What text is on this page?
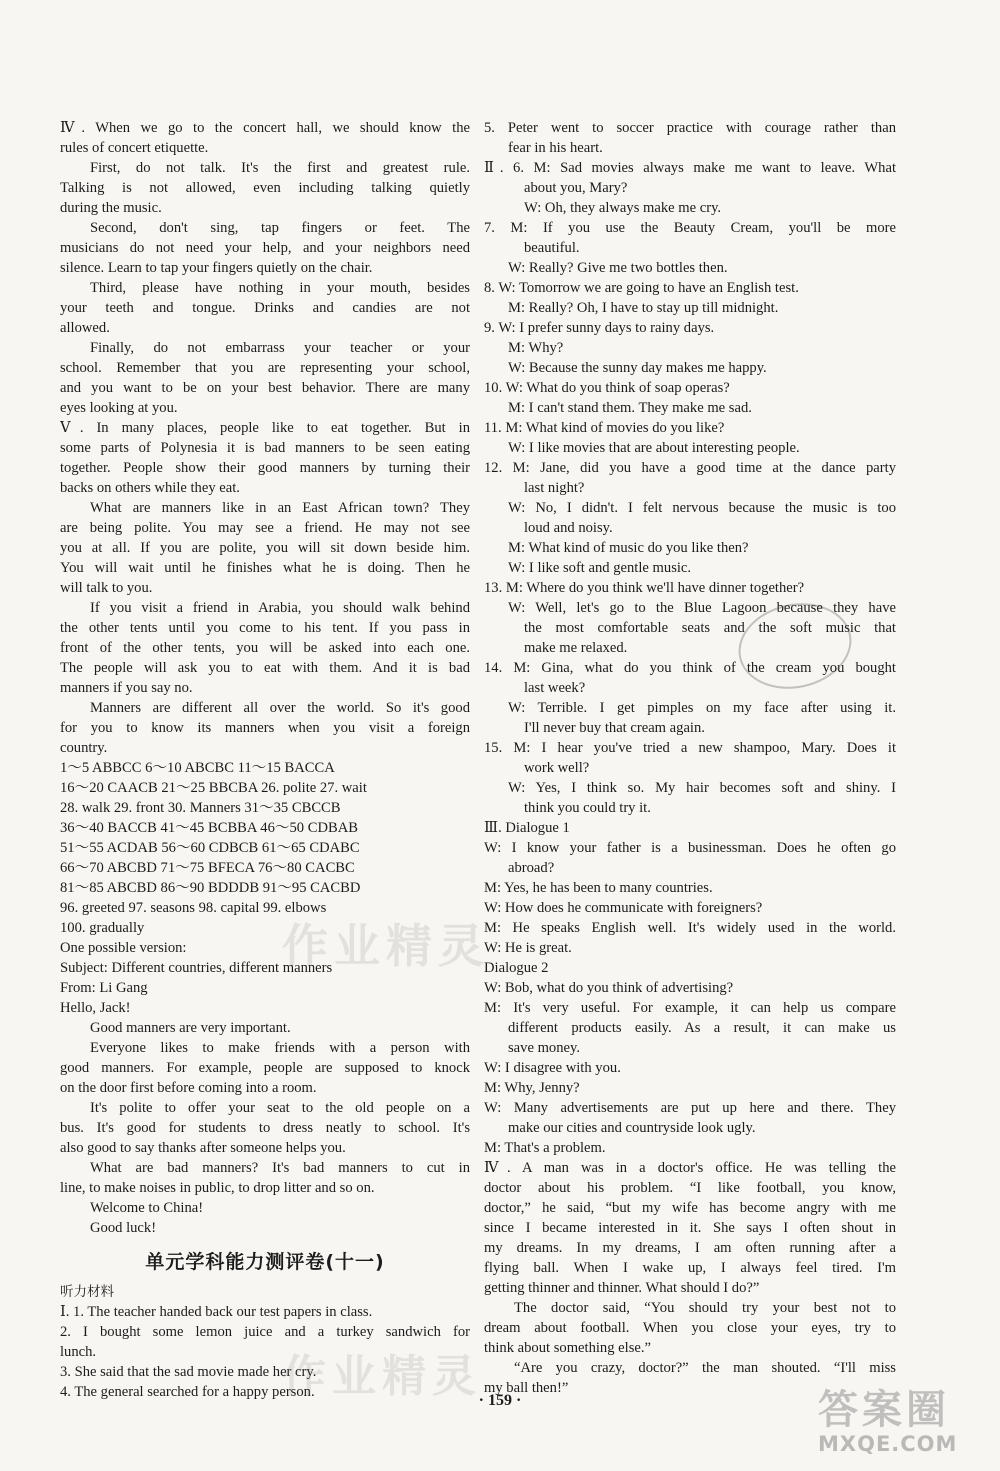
Ⅳ. When we go to the concert hall, we should know the
rules of concert etiquette.
First, do not talk. It's the first and greatest rule.
Talking is not allowed, even including talking quietly
during the music.
Second, don't sing, tap fingers or feet. The
musicians do not need your help, and your neighbors need
silence. Learn to tap your fingers quietly on the chair.
Third, please have nothing in your mouth, besides
your teeth and tongue. Drinks and candies are not
allowed.
Finally, do not embarrass your teacher or your
school. Remember that you are representing your school,
and you want to be on your best behavior. There are many
eyes looking at you.
Ⅴ. In many places, people like to eat together. But in
some parts of Polynesia it is bad manners to be seen eating
together. People show their good manners by turning their
backs on others while they eat.
What are manners like in an East African town? They
are being polite. You may see a friend. He may not see
you at all. If you are polite, you will sit down beside him.
You will wait until he finishes what he is doing. Then he
will talk to you.
If you visit a friend in Arabia, you should walk behind
the other tents until you come to his tent. If you pass in
front of the other tents, you will be asked into each one.
The people will ask you to eat with them. And it is bad
manners if you say no.
Manners are different all over the world. So it's good
for you to know its manners when you visit a foreign
country.
1～5 ABBCC 6～10 ABCBC 11～15 BACCA
16～20 CAACB 21～25 BBCBA 26. polite 27. wait
28. walk 29. front 30. Manners 31～35 CBCCB
36～40 BACCB 41～45 BCBBA 46～50 CDBAB
51～55 ACDAB 56～60 CDBCB 61～65 CDABC
66～70 ABCBD 71～75 BFECA 76～80 CACBC
81～85 ABCBD 86～90 BDDDB 91～95 CACBD
96. greeted 97. seasons 98. capital 99. elbows
100. gradually
One possible version:
Subject: Different countries, different manners
From: Li Gang
Hello, Jack!
Good manners are very important.
Everyone likes to make friends with a person with
good manners. For example, people are supposed to knock
on the door first before coming into a room.
It's polite to offer your seat to the old people on a
bus. It's good for students to dress neatly to school. It's
also good to say thanks after someone helps you.
What are bad manners? It's bad manners to cut in
line, to make noises in public, to drop litter and so on.
Welcome to China!
Good luck!
单元学科能力测评卷(十一)
听力材料
Ⅰ. 1. The teacher handed back our test papers in class.
2. I bought some lemon juice and a turkey sandwich for
lunch.
3. She said that the sad movie made her cry.
4. The general searched for a happy person.
5. Peter went to soccer practice with courage rather than
fear in his heart.
Ⅱ. 6. M: Sad movies always make me want to leave. What
about you, Mary?
W: Oh, they always make me cry.
7. M: If you use the Beauty Cream, you'll be more
beautiful.
W: Really? Give me two bottles then.
8. W: Tomorrow we are going to have an English test.
M: Really? Oh, I have to stay up till midnight.
9. W: I prefer sunny days to rainy days.
M: Why?
W: Because the sunny day makes me happy.
10. W: What do you think of soap operas?
M: I can't stand them. They make me sad.
11. M: What kind of movies do you like?
W: I like movies that are about interesting people.
12. M: Jane, did you have a good time at the dance party
last night?
W: No, I didn't. I felt nervous because the music is too
loud and noisy.
M: What kind of music do you like then?
W: I like soft and gentle music.
13. M: Where do you think we'll have dinner together?
W: Well, let's go to the Blue Lagoon because they have
the most comfortable seats and the soft music that
make me relaxed.
14. M: Gina, what do you think of the cream you bought
last week?
W: Terrible. I get pimples on my face after using it.
I'll never buy that cream again.
15. M: I hear you've tried a new shampoo, Mary. Does it
work well?
W: Yes, I think so. My hair becomes soft and shiny. I
think you could try it.
Ⅲ. Dialogue 1
W: I know your father is a businessman. Does he often go
abroad?
M: Yes, he has been to many countries.
W: How does he communicate with foreigners?
M: He speaks English well. It's widely used in the world.
W: He is great.
Dialogue 2
W: Bob, what do you think of advertising?
M: It's very useful. For example, it can help us compare
different products easily. As a result, it can make us
save money.
W: I disagree with you.
M: Why, Jenny?
W: Many advertisements are put up here and there. They
make our cities and countryside look ugly.
M: That's a problem.
Ⅳ. A man was in a doctor's office. He was telling the
doctor about his problem. “I like football, you know,
doctor,” he said, “but my wife has become angry with me
since I became interested in it. She says I often shout in
my dreams. In my dreams, I am often running after a
flying ball. When I wake up, I always feel tired. I'm
getting thinner and thinner. What should I do?”
The doctor said, “You should try your best not to
dream about football. When you close your eyes, try to
think about something else.”
“Are you crazy, doctor?” the man shouted. “I'll miss
my ball then!”
作业精灵
作业精灵
· 159 ·	答案圈
MXQE.COM
